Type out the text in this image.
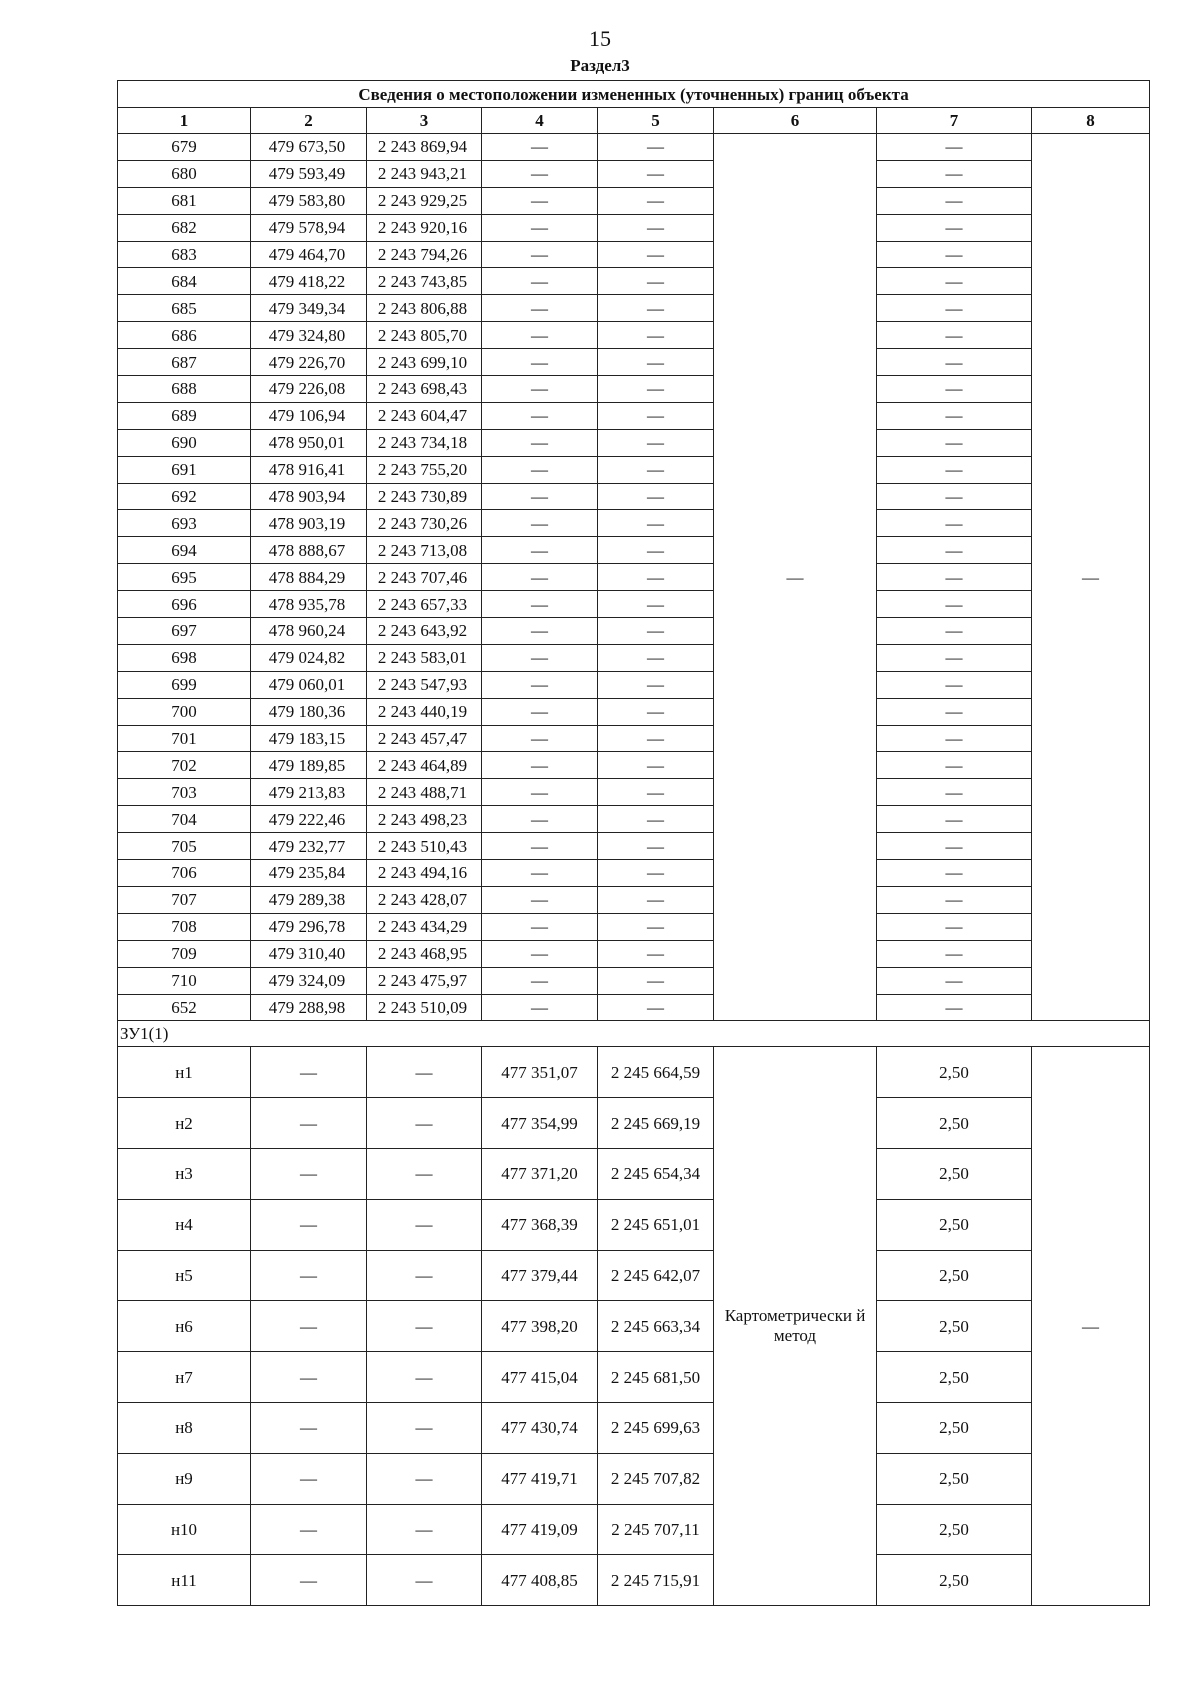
15
Раздел3
Сведения о местоположении измененных (уточненных) границ объекта							
1	2	3	4	5	6	7	8
679	479 673,50	2 243 869,94	—	—	—	—	—
680	479 593,49	2 243 943,21	—	—		—	
681	479 583,80	2 243 929,25	—	—		—	
682	479 578,94	2 243 920,16	—	—		—	
683	479 464,70	2 243 794,26	—	—		—	
684	479 418,22	2 243 743,85	—	—		—	
685	479 349,34	2 243 806,88	—	—		—	
686	479 324,80	2 243 805,70	—	—		—	
687	479 226,70	2 243 699,10	—	—		—	
688	479 226,08	2 243 698,43	—	—		—	
689	479 106,94	2 243 604,47	—	—		—	
690	478 950,01	2 243 734,18	—	—		—	
691	478 916,41	2 243 755,20	—	—		—	
692	478 903,94	2 243 730,89	—	—		—	
693	478 903,19	2 243 730,26	—	—		—	
694	478 888,67	2 243 713,08	—	—		—	
695	478 884,29	2 243 707,46	—	—		—	
696	478 935,78	2 243 657,33	—	—		—	
697	478 960,24	2 243 643,92	—	—		—	
698	479 024,82	2 243 583,01	—	—		—	
699	479 060,01	2 243 547,93	—	—		—	
700	479 180,36	2 243 440,19	—	—		—	
701	479 183,15	2 243 457,47	—	—		—	
702	479 189,85	2 243 464,89	—	—		—	
703	479 213,83	2 243 488,71	—	—		—	
704	479 222,46	2 243 498,23	—	—		—	
705	479 232,77	2 243 510,43	—	—		—	
706	479 235,84	2 243 494,16	—	—		—	
707	479 289,38	2 243 428,07	—	—		—	
708	479 296,78	2 243 434,29	—	—		—	
709	479 310,40	2 243 468,95	—	—		—	
710	479 324,09	2 243 475,97	—	—		—	
652	479 288,98	2 243 510,09	—	—		—	
ЗУ1(1)							
н1	—	—	477 351,07	2 245 664,59	Картометрически й метод	2,50	—
н2	—	—	477 354,99	2 245 669,19		2,50	
н3	—	—	477 371,20	2 245 654,34		2,50	
н4	—	—	477 368,39	2 245 651,01		2,50	
н5	—	—	477 379,44	2 245 642,07		2,50	
н6	—	—	477 398,20	2 245 663,34		2,50	
н7	—	—	477 415,04	2 245 681,50		2,50	
н8	—	—	477 430,74	2 245 699,63		2,50	
н9	—	—	477 419,71	2 245 707,82		2,50	
н10	—	—	477 419,09	2 245 707,11		2,50	
н11	—	—	477 408,85	2 245 715,91		2,50	
